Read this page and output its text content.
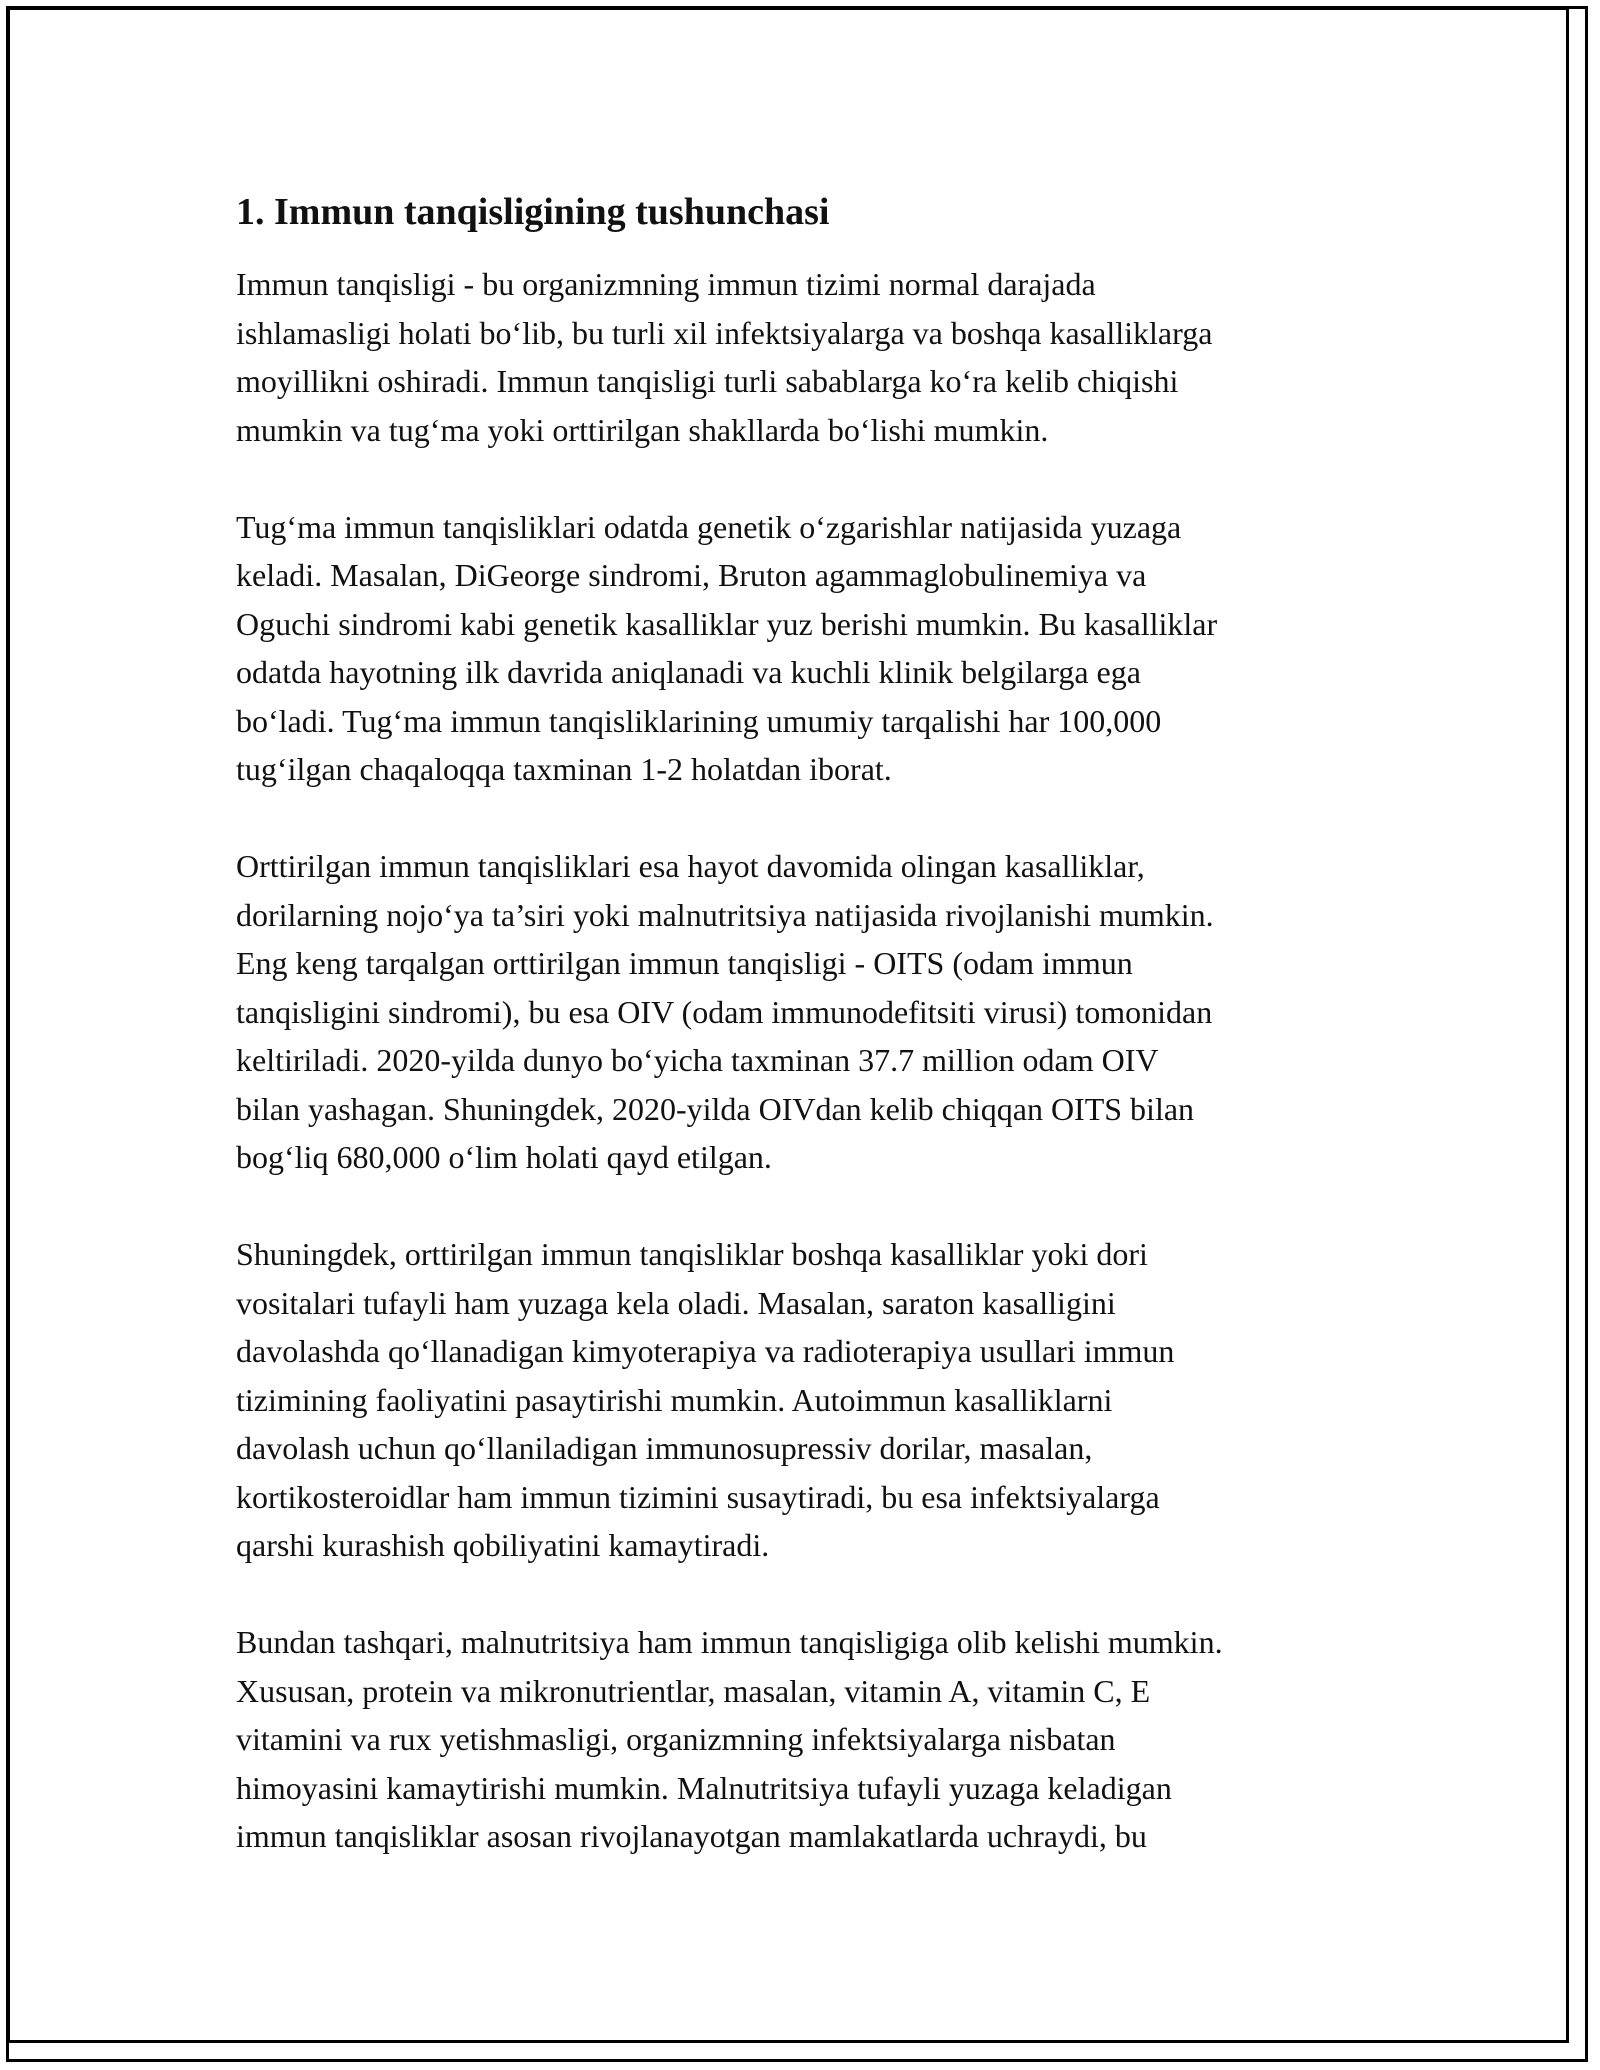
1. Immun tanqisligining tushunchasi

Immun tanqisligi - bu organizmning immun tizimi normal darajada
ishlamasligi holati bo‘lib, bu turli xil infektsiyalarga va boshqa kasalliklarga
moyillikni oshiradi. Immun tanqisligi turli sabablarga ko‘ra kelib chiqishi
mumkin va tug‘ma yoki orttirilgan shakllarda bo‘lishi mumkin.

Tug‘ma immun tanqisliklari odatda genetik o‘zgarishlar natijasida yuzaga
keladi. Masalan, DiGeorge sindromi, Bruton agammaglobulinemiya va
Oguchi sindromi kabi genetik kasalliklar yuz berishi mumkin. Bu kasalliklar
odatda hayotning ilk davrida aniqlanadi va kuchli klinik belgilarga ega
bo‘ladi. Tug‘ma immun tanqisliklarining umumiy tarqalishi har 100,000
tug‘ilgan chaqaloqqa taxminan 1-2 holatdan iborat.

Orttirilgan immun tanqisliklari esa hayot davomida olingan kasalliklar,
dorilarning nojo‘ya ta’siri yoki malnutritsiya natijasida rivojlanishi mumkin.
Eng keng tarqalgan orttirilgan immun tanqisligi - OITS (odam immun
tanqisligini sindromi), bu esa OIV (odam immunodefitsiti virusi) tomonidan
keltiriladi. 2020-yilda dunyo bo‘yicha taxminan 37.7 million odam OIV
bilan yashagan. Shuningdek, 2020-yilda OIVdan kelib chiqqan OITS bilan
bog‘liq 680,000 o‘lim holati qayd etilgan.

Shuningdek, orttirilgan immun tanqisliklar boshqa kasalliklar yoki dori
vositalari tufayli ham yuzaga kela oladi. Masalan, saraton kasalligini
davolashda qo‘llanadigan kimyoterapiya va radioterapiya usullari immun
tizimining faoliyatini pasaytirishi mumkin. Autoimmun kasalliklarni
davolash uchun qo‘llaniladigan immunosupressiv dorilar, masalan,
kortikosteroidlar ham immun tizimini susaytiradi, bu esa infektsiyalarga
qarshi kurashish qobiliyatini kamaytiradi.

Bundan tashqari, malnutritsiya ham immun tanqisligiga olib kelishi mumkin.
Xususan, protein va mikronutrientlar, masalan, vitamin A, vitamin C, E
vitamini va rux yetishmasligi, organizmning infektsiyalarga nisbatan
himoyasini kamaytirishi mumkin. Malnutritsiya tufayli yuzaga keladigan
immun tanqisliklar asosan rivojlanayotgan mamlakatlarda uchraydi, bu
